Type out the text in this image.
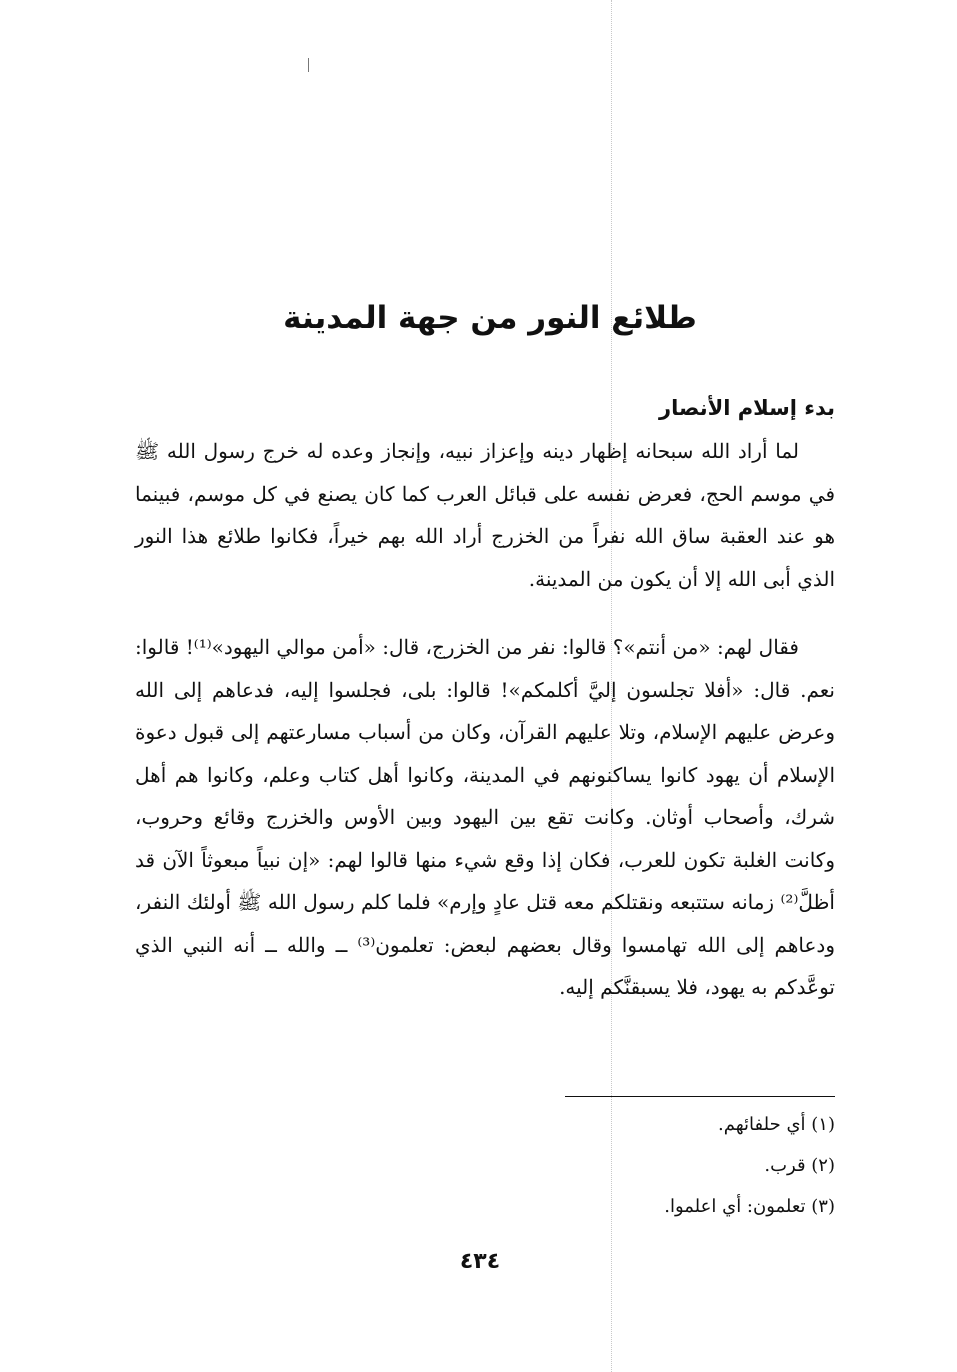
طلائع النور من جهة المدينة
بدء إسلام الأنصار

لما أراد الله سبحانه إظهار دينه وإعزاز نبيه، وإنجاز وعده له خرج رسول الله ﷺ في موسم الحج، فعرض نفسه على قبائل العرب كما كان يصنع في كل موسم، فبينما هو عند العقبة ساق الله نفراً من الخزرج أراد الله بهم خيراً، فكانوا طلائع هذا النور الذي أبى الله إلا أن يكون من المدينة.

فقال لهم: «من أنتم»؟ قالوا: نفر من الخزرج، قال: «أمن موالي اليهود»⁽¹⁾! قالوا: نعم. قال: «أفلا تجلسون إليَّ أكلمكم»! قالوا: بلى، فجلسوا إليه، فدعاهم إلى الله وعرض عليهم الإسلام، وتلا عليهم القرآن، وكان من أسباب مسارعتهم إلى قبول دعوة الإسلام أن يهود كانوا يساكنونهم في المدينة، وكانوا أهل كتاب وعلم، وكانوا هم أهل شرك، وأصحاب أوثان. وكانت تقع بين اليهود وبين الأوس والخزرج وقائع وحروب، وكانت الغلبة تكون للعرب، فكان إذا وقع شيء منها قالوا لهم: «إن نبياً مبعوثاً الآن قد أظلَّ⁽²⁾ زمانه ستتبعه ونقتلكم معه قتل عادٍ وإرم» فلما كلم رسول الله ﷺ أولئك النفر، ودعاهم إلى الله تهامسوا وقال بعضهم لبعض: تعلمون⁽³⁾ ــ والله ــ أنه النبي الذي توعَّدكم به يهود، فلا يسبقنَّكم إليه.

(١) أي حلفائهم.
(٢) قرب.
(٣) تعلمون: أي اعلموا.
٤٣٤
